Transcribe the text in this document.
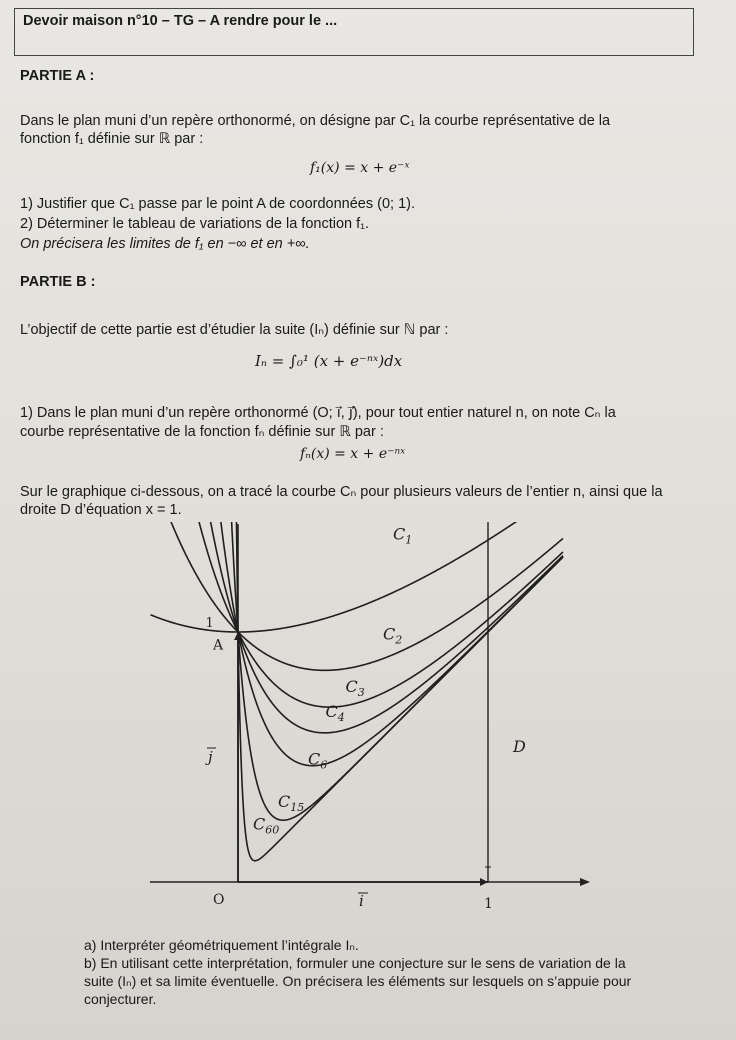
Devoir maison n°10 – TG – A rendre pour le ...
PARTIE A :
Dans le plan muni d’un repère orthonormé, on désigne par C₁ la courbe représentative de la
fonction f₁ définie sur ℝ par :
f₁(x) = x + e⁻ˣ
1) Justifier que C₁ passe par le point A de coordonnées (0; 1).
2) Déterminer le tableau de variations de la fonction f₁.
On précisera les limites de f₁ en −∞ et en +∞.
PARTIE B :
L’objectif de cette partie est d’étudier la suite (Iₙ) définie sur ℕ par :
Iₙ = ∫₀¹ (x + e⁻ⁿˣ)dx
1) Dans le plan muni d’un repère orthonormé (O; i⃗, j⃗), pour tout entier naturel n, on note Cₙ la
courbe représentative de la fonction fₙ définie sur ℝ par :
fₙ(x) = x + e⁻ⁿˣ
Sur le graphique ci-dessous, on a tracé la courbe Cₙ pour plusieurs valeurs de l’entier n, ainsi que la
droite D d’équation x = 1.
$C_1$
$C_2$
$C_3$
$C_4$
$C_6$
$C_{15}$
$C_{60}$
A
1
O	1
i
j
D
a) Interpréter géométriquement l’intégrale Iₙ.
b) En utilisant cette interprétation, formuler une conjecture sur le sens de variation de la
suite (Iₙ) et sa limite éventuelle. On précisera les éléments sur lesquels on s’appuie pour
conjecturer.
